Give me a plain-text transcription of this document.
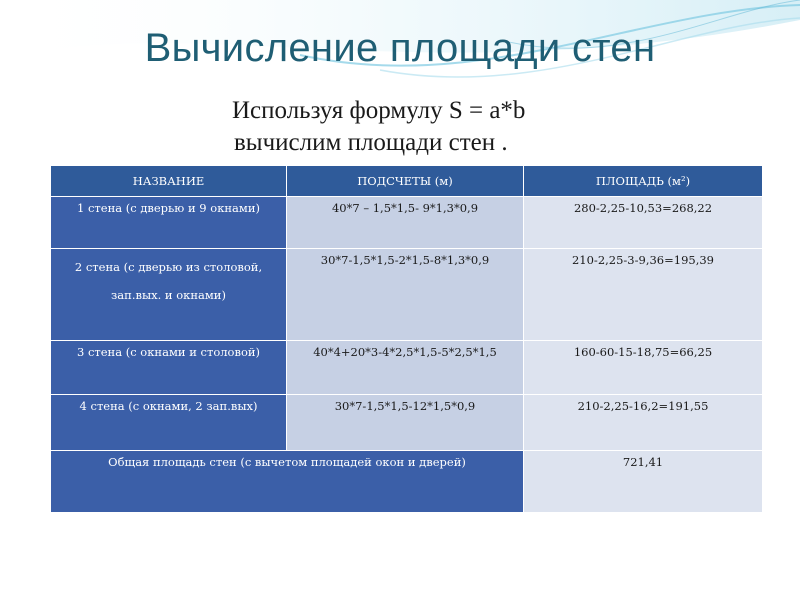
Вычисление площади стен
Используя формулу S = a*b
вычислим площади стен .
НАЗВАНИЕ	ПОДСЧЕТЫ (м)	ПЛОЩАДЬ (м²)
1 стена (с дверью и 9 окнами)	40*7 – 1,5*1,5- 9*1,3*0,9	280-2,25-10,53=268,22
2 стена (с дверью из столовой, зап.вых. и окнами)	30*7-1,5*1,5-2*1,5-8*1,3*0,9	210-2,25-3-9,36=195,39
3 стена (с окнами и столовой)	40*4+20*3-4*2,5*1,5-5*2,5*1,5	160-60-15-18,75=66,25
4 стена (с окнами, 2 зап.вых)	30*7-1,5*1,5-12*1,5*0,9	210-2,25-16,2=191,55
Общая площадь стен (с вычетом площадей окон и дверей)		721,41
